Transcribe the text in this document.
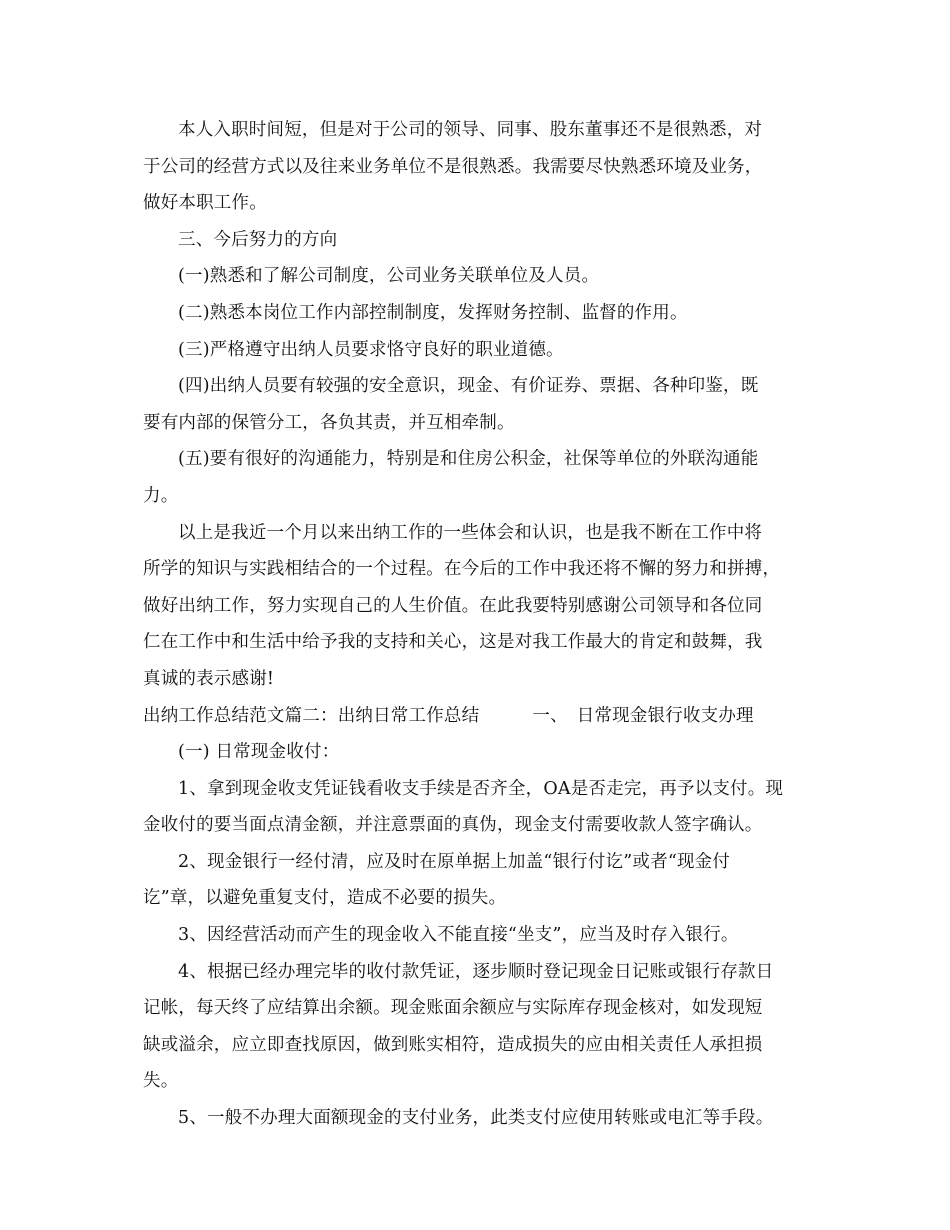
本人入职时间短，但是对于公司的领导、同事、股东董事还不是很熟悉，对
于公司的经营方式以及往来业务单位不是很熟悉。我需要尽快熟悉环境及业务，
做好本职工作。
三、今后努力的方向
(一)熟悉和了解公司制度，公司业务关联单位及人员。
(二)熟悉本岗位工作内部控制制度，发挥财务控制、监督的作用。
(三)严格遵守出纳人员要求恪守良好的职业道德。
(四)出纳人员要有较强的安全意识，现金、有价证券、票据、各种印鉴，既
要有内部的保管分工，各负其责，并互相牵制。
(五)要有很好的沟通能力，特别是和住房公积金，社保等单位的外联沟通能
力。
以上是我近一个月以来出纳工作的一些体会和认识，也是我不断在工作中将
所学的知识与实践相结合的一个过程。在今后的工作中我还将不懈的努力和拼搏，
做好出纳工作，努力实现自己的人生价值。在此我要特别感谢公司领导和各位同
仁在工作中和生活中给予我的支持和关心，这是对我工作最大的肯定和鼓舞，我
真诚的表示感谢!
出纳工作总结范文篇二：出纳日常工作总结　　　一、　日常现金银行收支办理
(一) 日常现金收付：
1、拿到现金收支凭证钱看收支手续是否齐全，OA是否走完，再予以支付。现
金收付的要当面点清金额，并注意票面的真伪，现金支付需要收款人签字确认。
2、现金银行一经付清，应及时在原单据上加盖“银行付讫”或者“现金付
讫”章，以避免重复支付，造成不必要的损失。
3、因经营活动而产生的现金收入不能直接“坐支”，应当及时存入银行。
4、根据已经办理完毕的收付款凭证，逐步顺时登记现金日记账或银行存款日
记帐，每天终了应结算出余额。现金账面余额应与实际库存现金核对，如发现短
缺或溢余，应立即查找原因，做到账实相符，造成损失的应由相关责任人承担损
失。
5、一般不办理大面额现金的支付业务，此类支付应使用转账或电汇等手段。
